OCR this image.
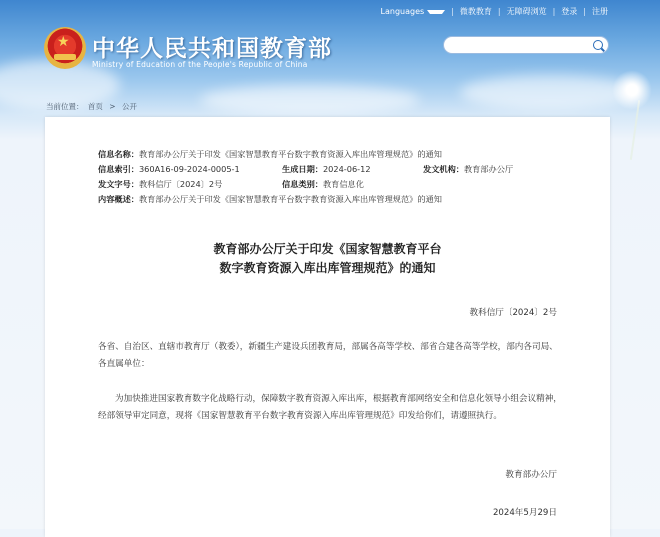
Languages	| 微教教育 | 无障碍浏览 | 登录 | 注册
★ 中华人民共和国教育部
Ministry of Education of the People's Republic of China
当前位置： 首页 > 公开
信息名称：教育部办公厅关于印发《国家智慧教育平台数字教育资源入库出库管理规范》的通知
信息索引：360A16-09-2024-0005-1	生成日期：2024-06-12	发文机构：教育部办公厅
发文字号：教科信厅〔2024〕2号	信息类别：教育信息化
内容概述：教育部办公厅关于印发《国家智慧教育平台数字教育资源入库出库管理规范》的通知
教育部办公厅关于印发《国家智慧教育平台
数字教育资源入库出库管理规范》的通知
教科信厅〔2024〕2号
各省、自治区、直辖市教育厅（教委），新疆生产建设兵团教育局，部属各高等学校、部省合建各高等学校，部内各司局、各直属单位：
为加快推进国家教育数字化战略行动，保障数字教育资源入库出库，根据教育部网络安全和信息化领导小组会议精神，经部领导审定同意，现将《国家智慧教育平台数字教育资源入库出库管理规范》印发给你们，请遵照执行。
教育部办公厅
2024年5月29日
